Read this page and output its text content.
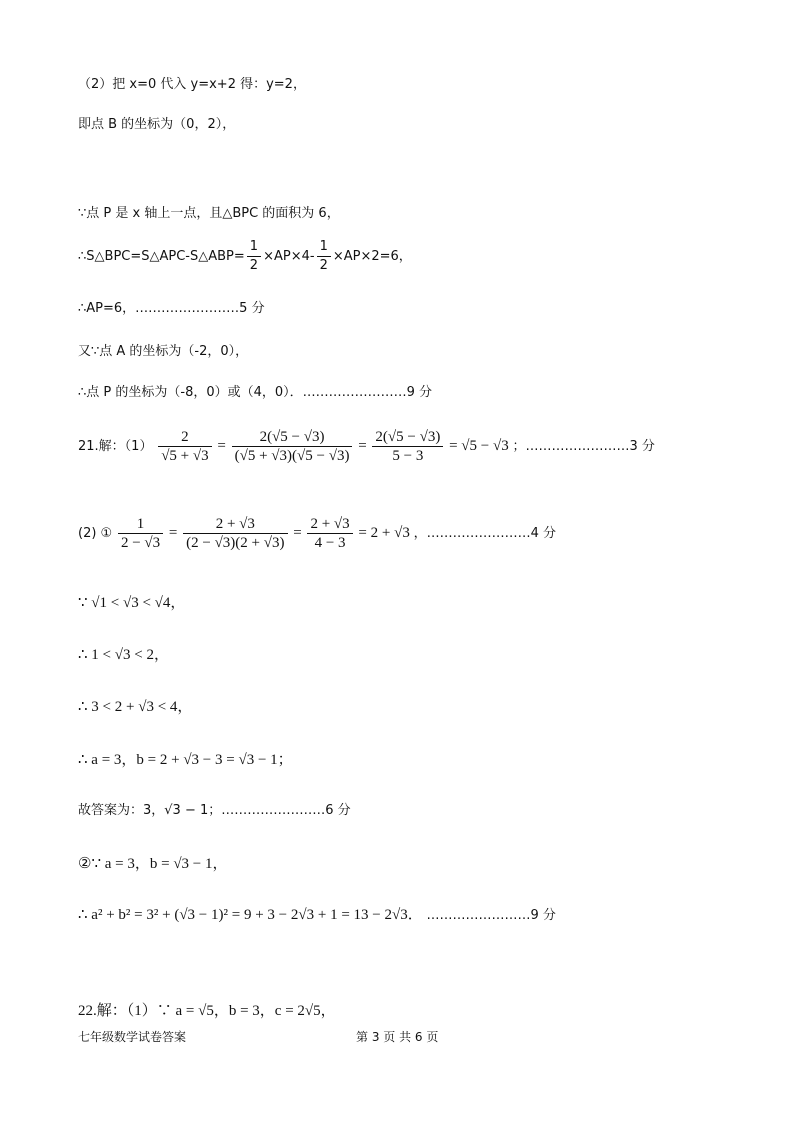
（2）把 x=0 代入 y=x+2 得：y=2，
即点 B 的坐标为（0，2），
∵点 P 是 x 轴上一点，且△BPC 的面积为 6，
∴S△BPC=S△APC-S△ABP= $\frac{1}{2} \times AP\times 4- \frac{1}{2} \times AP\times 2=6$，
∴AP=6，……………………5 分
又∵点 A 的坐标为（-2，0），
∴点 P 的坐标为（-8，0）或（4，0）．……………………9 分
21.解：$(1) \frac{2}{√5 + √3} = \frac{2(√5 - √3)}{(√5 + √3)(√5 - √3)} = \frac{2(√5 - √3)}{5 - 3} = √5 - √3$ ；……………………3 分
(2) ① $\frac{1}{2 - √3} = \frac{2 + √3}{(2 - √3)(2 + √3)} = \frac{2 + √3}{4 - 3} = 2 + √3$ ，……………………4 分
∵ √1 < √3 < √4，
∴ 1 < √3 < 2，
∴ 3 < 2 + √3 < 4，
∴ a = 3，b = 2 + √3 − 3 = √3 − 1；
故答案为：3，√3 − 1；……………………6 分
②∵ a = 3，b = √3 − 1，
∴ a² + b² = 3² + (√3 − 1)² = 9 + 3 − 2√3 + 1 = 13 − 2√3． ……………………9 分
22.解：（1）∵ a = √5，b = 3，c = 2√5，
七年级数学试卷答案	第 3 页 共 6 页
